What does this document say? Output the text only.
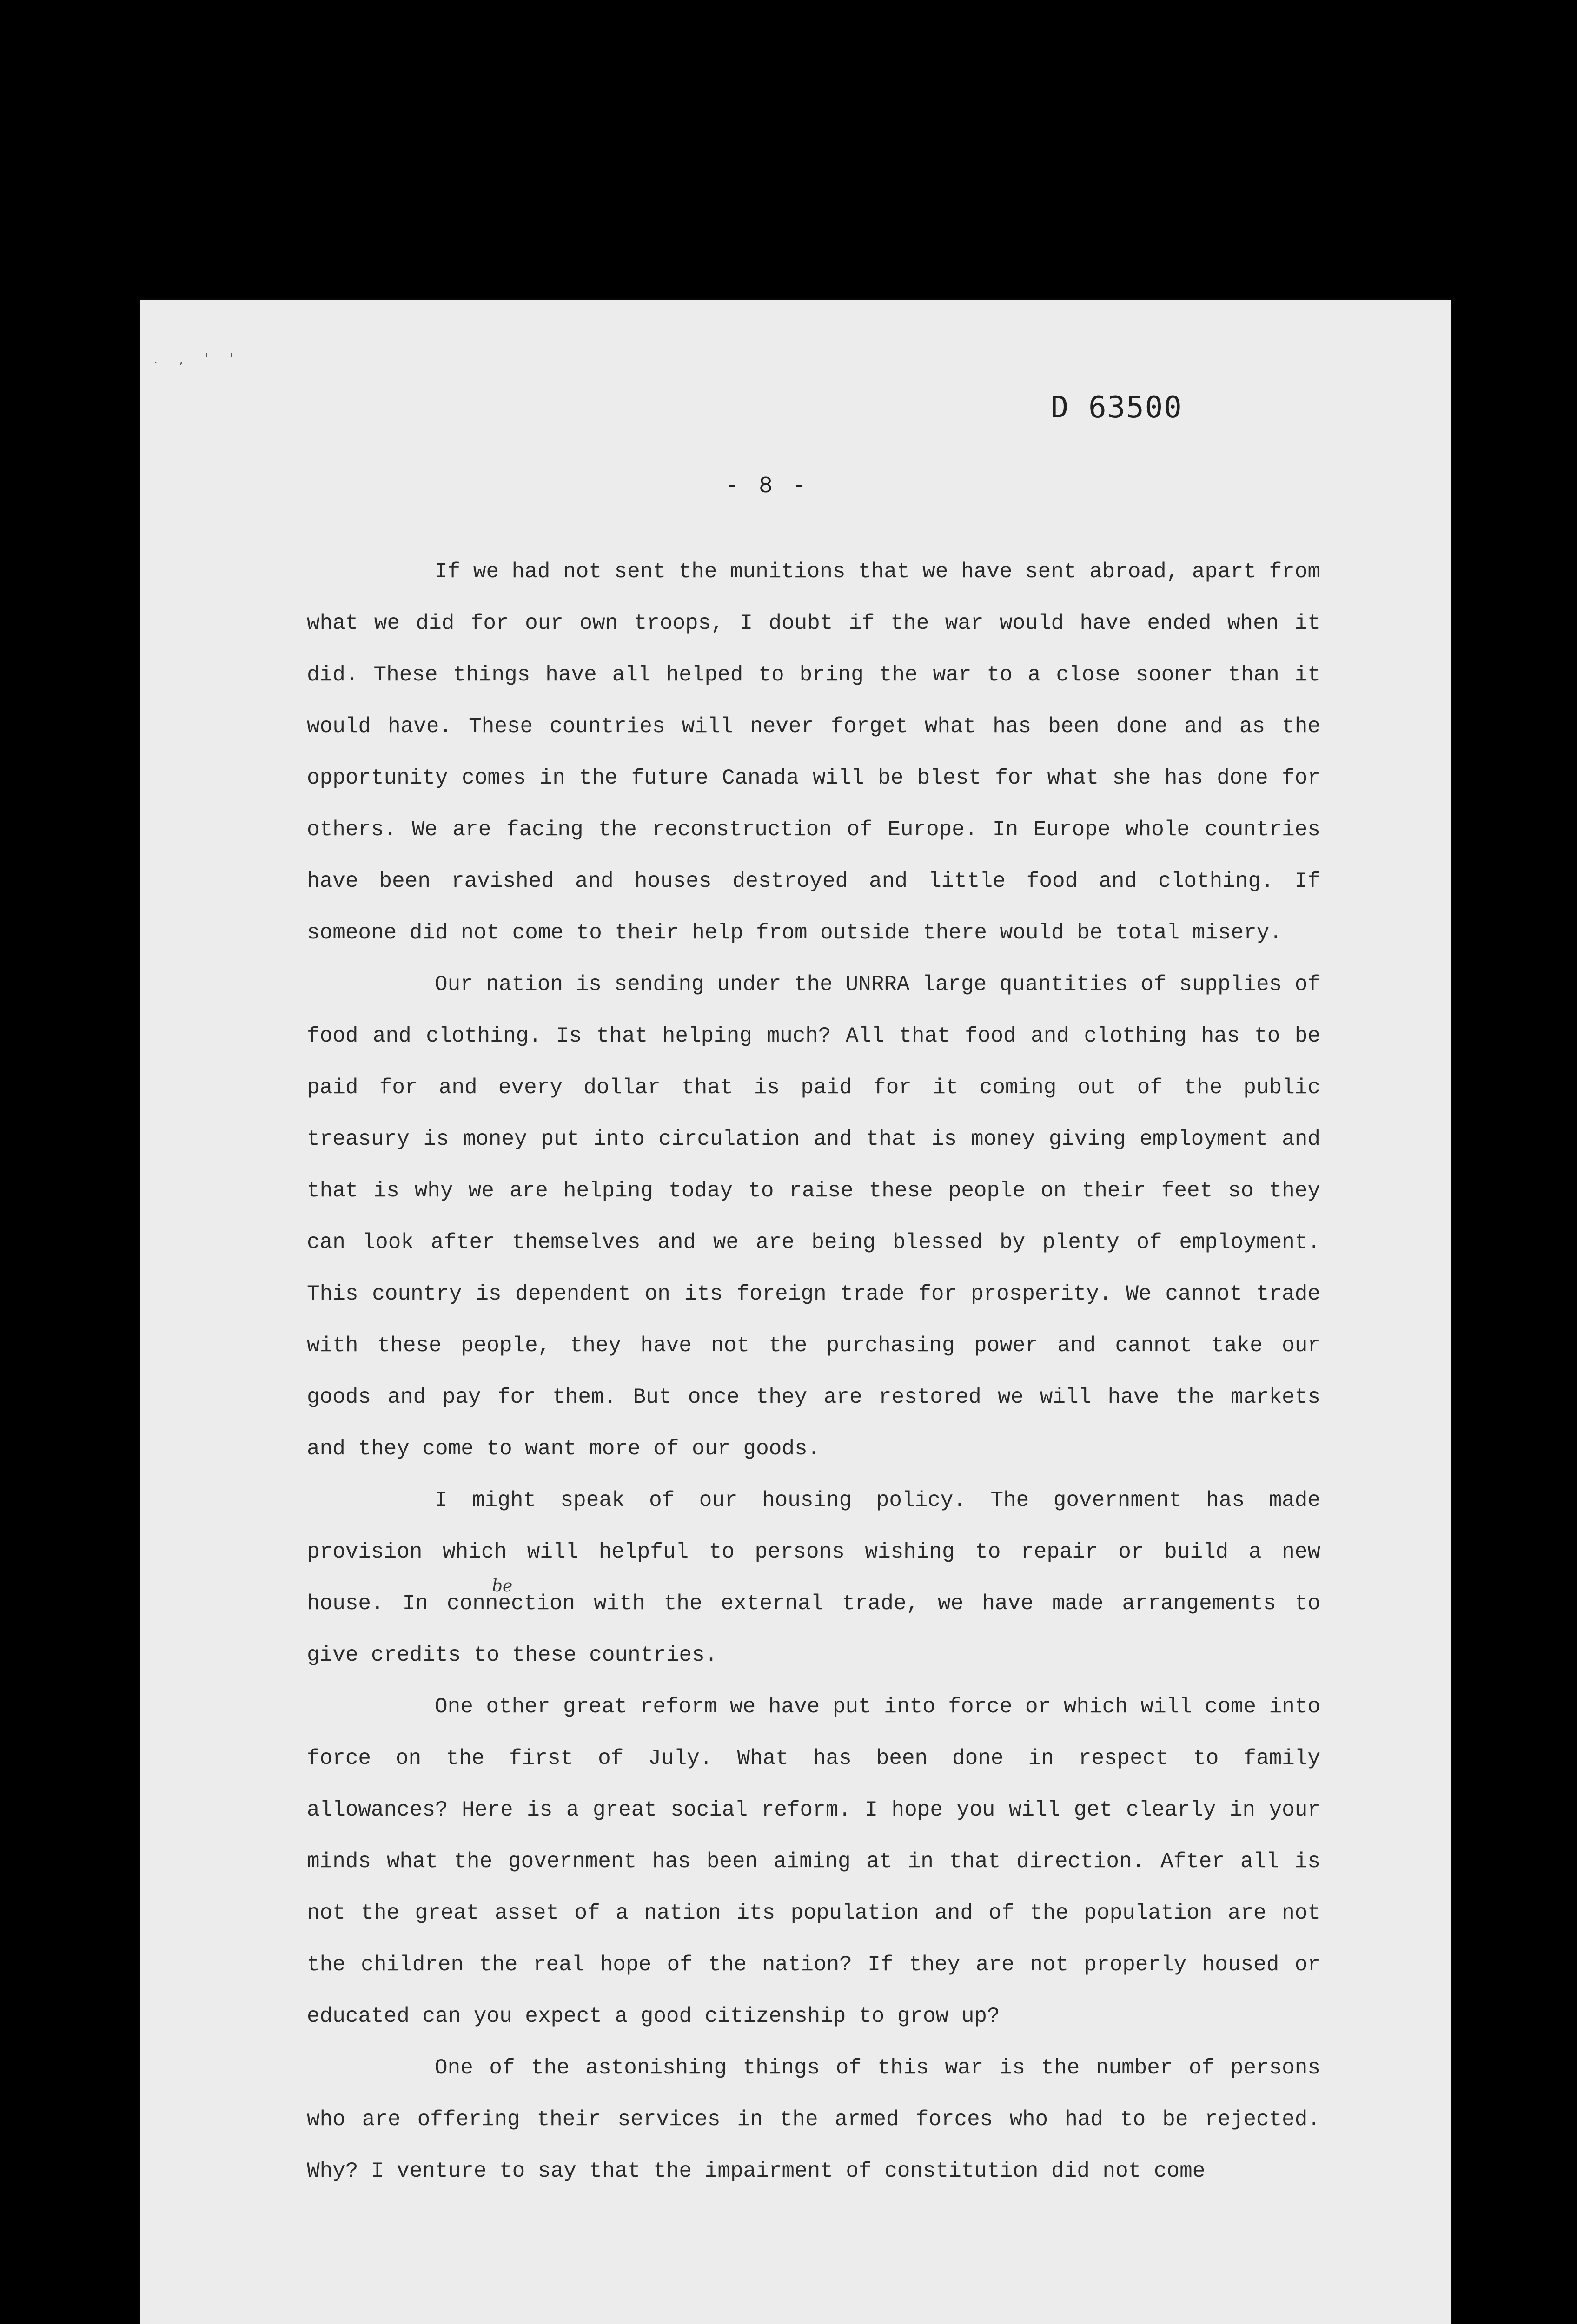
. , ' '
D 63500
- 8 -

If we had not sent the munitions that we have sent abroad, apart from what we did for our own troops, I doubt if the war would have ended when it did. These things have all helped to bring the war to a close sooner than it would have. These countries will never forget what has been done and as the opportunity comes in the future Canada will be blest for what she has done for others. We are facing the reconstruction of Europe. In Europe whole countries have been ravished and houses destroyed and little food and clothing. If someone did not come to their help from outside there would be total misery.

Our nation is sending under the UNRRA large quantities of supplies of food and clothing. Is that helping much? All that food and clothing has to be paid for and every dollar that is paid for it coming out of the public treasury is money put into circulation and that is money giving employment and that is why we are helping today to raise these people on their feet so they can look after themselves and we are being blessed by plenty of employment. This country is dependent on its foreign trade for prosperity. We cannot trade with these people, they have not the purchasing power and cannot take our goods and pay for them. But once they are restored we will have the markets and they come to want more of our goods.

I might speak of our housing policy. The government has made provision which will helpful to persons wishing to repair or build a new house. In connection with the external trade, we have made arrangements to give credits to these countries.

One other great reform we have put into force or which will come into force on the first of July. What has been done in respect to family allowances? Here is a great social reform. I hope you will get clearly in your minds what the government has been aiming at in that direction. After all is not the great asset of a nation its population and of the population are not the children the real hope of the nation? If they are not properly housed or educated can you expect a good citizenship to grow up?

One of the astonishing things of this war is the number of persons who are offering their services in the armed forces who had to be rejected. Why? I venture to say that the impairment of constitution did not come

be
